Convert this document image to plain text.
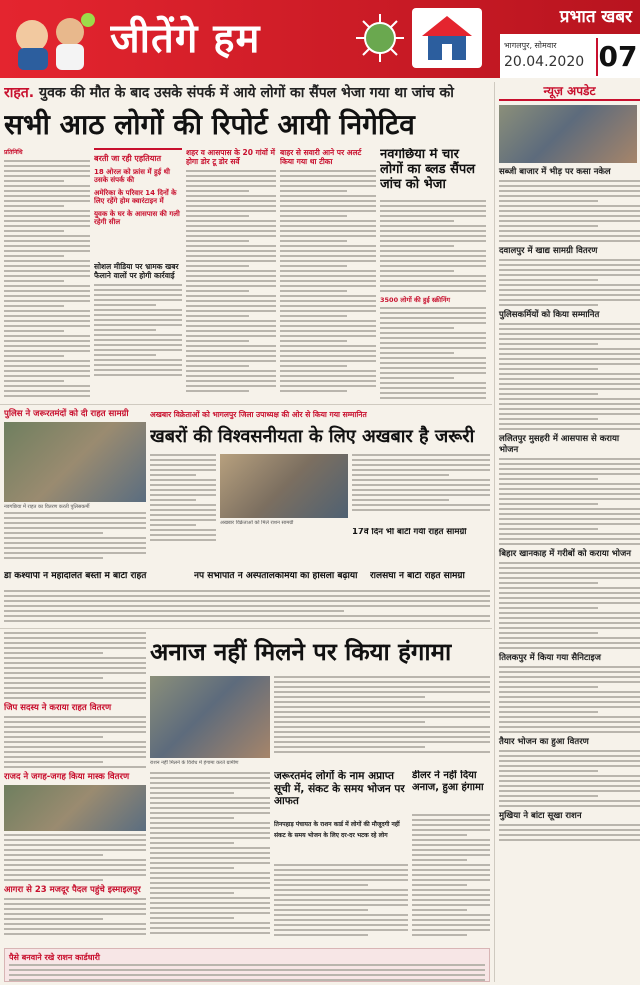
जीतेंगे हम	प्रभात खबर
भागलपुर, सोमवार
20.04.2020 07
राहत. युवक की मौत के बाद उसके संपर्क में आये लोगों का सैंपल भेजा गया था जांच को
सभी आठ लोगों की रिपोर्ट आयी निगेटिव
प्रतिनिधि
बरती जा रही एहतियात
18 ओरल को फ्रांस में हुई थी उसके संपर्क की
अमेरिका के परिवार 14 दिनों के लिए रहेंगे होम क्वारंटाइन में
युवक के घर के आसपास की गली रहेगी सील
सोशल मीडिया पर भ्रामक खबर फैलाने वालों पर होगी कार्रवाई
शहर व आसपास के 20 गांवों में होगा डोर टू डोर सर्वे
बाहर से सवारी आने पर अलर्ट किया गया था टीका	नवगछिया में चार लोगों का ब्लड सैंपल जांच को भेजा
3500 लोगों की हुई स्क्रीनिंग
न्यूज़ अपडेट
सब्जी बाजार में भीड़ पर कसा नकेल
दवालपुर में खाद्य सामग्री वितरण
पुलिसकर्मियों को किया सम्मानित
ललितपुर मुसहरी में आसपास से कराया भोजन
बिहार खानकाह में गरीबों को कराया भोजन
तिलकपुर में किया गया सैनिटाइज
तैयार भोजन का हुआ वितरण
मुखिया ने बांटा सूखा राशन
पुलिस ने जरूरतमंदों को दी राहत सामग्री
नवगछिया में राहत का वितरण करती पुलिसकर्मी
अखबार विक्रेताओं को भागलपुर जिला उपाध्यक्ष की ओर से किया गया सम्मानित
खबरों की विश्वसनीयता के लिए अखबार है जरूरी
अखबार विक्रेताओं को मिले राशन सामग्री
17वें दिन भी बांटी गयी राहत सामग्री
डॉ कश्यापी ने महादलित बस्ती में बांटी राहत	नप सभापति ने अस्पतालकर्मियों का हौसला बढ़ाया	रालसंघा ने बांटी राहत सामग्री
अनाज नहीं मिलने पर किया हंगामा
राशन नहीं मिलने के विरोध में हंगामा करते ग्रामीण
जिप सदस्य ने कराया राहत वितरण
राजद ने जगह-जगह किया मास्क वितरण
आगरा से 23 मजदूर पैदल पहुंचे इस्माइलपुर
जरूरतमंद लोगों के नाम अप्राप्त सूची में, संकट के समय भोजन पर आफत
तिनपहाड़ पंचायत के राशन कार्ड में लोगों की मौजूदगी नहीं
संकट के समय भोजन के लिए दर-दर भटक रहे लोग
डीलर ने नहीं दिया अनाज, हुआ हंगामा
पैसे बनवाने रखे राशन कार्डधारी
